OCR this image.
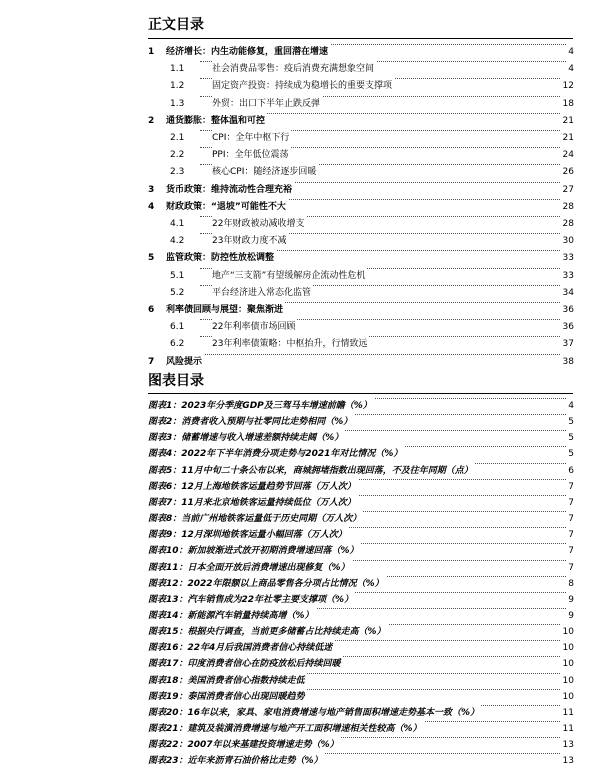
正文目录
1 经济增长：内生动能修复，重回潜在增速	4
1.1	社会消费品零售：疫后消费充满想象空间	4
1.2	固定资产投资：持续成为稳增长的重要支撑项	12
1.3	外贸：出口下半年止跌反弹	18
2 通货膨胀：整体温和可控	21
2.1	CPI：全年中枢下行	21
2.2	PPI：全年低位震荡	24
2.3	核心CPI：随经济逐步回暖	26
3 货币政策：维持流动性合理充裕	27
4 财政政策：“退坡”可能性不大	28
4.1	22年财政被动减收增支	28
4.2	23年财政力度不减	30
5 监管政策：防控性放松调整	33
5.1	地产“三支箭”有望缓解房企流动性危机	33
5.2	平台经济进入常态化监管	34
6 利率债回顾与展望：聚焦渐进	36
6.1	22年利率债市场回顾	36
6.2	23年利率债策略：中枢抬升，行情致远	37
7 风险提示	38
图表目录
图表1：2023年分季度GDP及三驾马车增速前瞻（%）	4
图表2：消费者收入预期与社零同比走势相同（%）	5
图表3：储蓄增速与收入增速差额持续走阔（%）	5
图表4：2022年下半年消费分项走势与2021年对比情况（%）	5
图表5：11月中旬二十条公布以来，商城拥堵指数出现回落，不及往年同期（点）	6
图表6：12月上海地铁客运量趋势节回落（万人次）	7
图表7：11月来北京地铁客运量持续低位（万人次）	7
图表8：当前广州地铁客运量低于历史同期（万人次）	7
图表9：12月深圳地铁客运量小幅回落（万人次）	7
图表10：新加坡渐进式放开初期消费增速回落（%）	7
图表11：日本全面开放后消费增速出现修复（%）	7
图表12：2022年限额以上商品零售各分项占比情况（%）	8
图表13：汽车销售成为22年社零主要支撑项（%）	9
图表14：新能源汽车销量持续高增（%）	9
图表15：根据央行调查，当前更多储蓄占比持续走高（%）	10
图表16：22年4月后我国消费者信心持续低迷	10
图表17：印度消费者信心在防疫放松后持续回暖	10
图表18：美国消费者信心指数持续走低	10
图表19：泰国消费者信心出现回暖趋势	10
图表20：16年以来，家具、家电消费增速与地产销售面积增速走势基本一致（%）	11
图表21：建筑及装潢消费增速与地产开工面积增速相关性较高（%）	11
图表22：2007年以来基建投资增速走势（%）	13
图表23：近年来沥青石油价格比走势（%）	13
